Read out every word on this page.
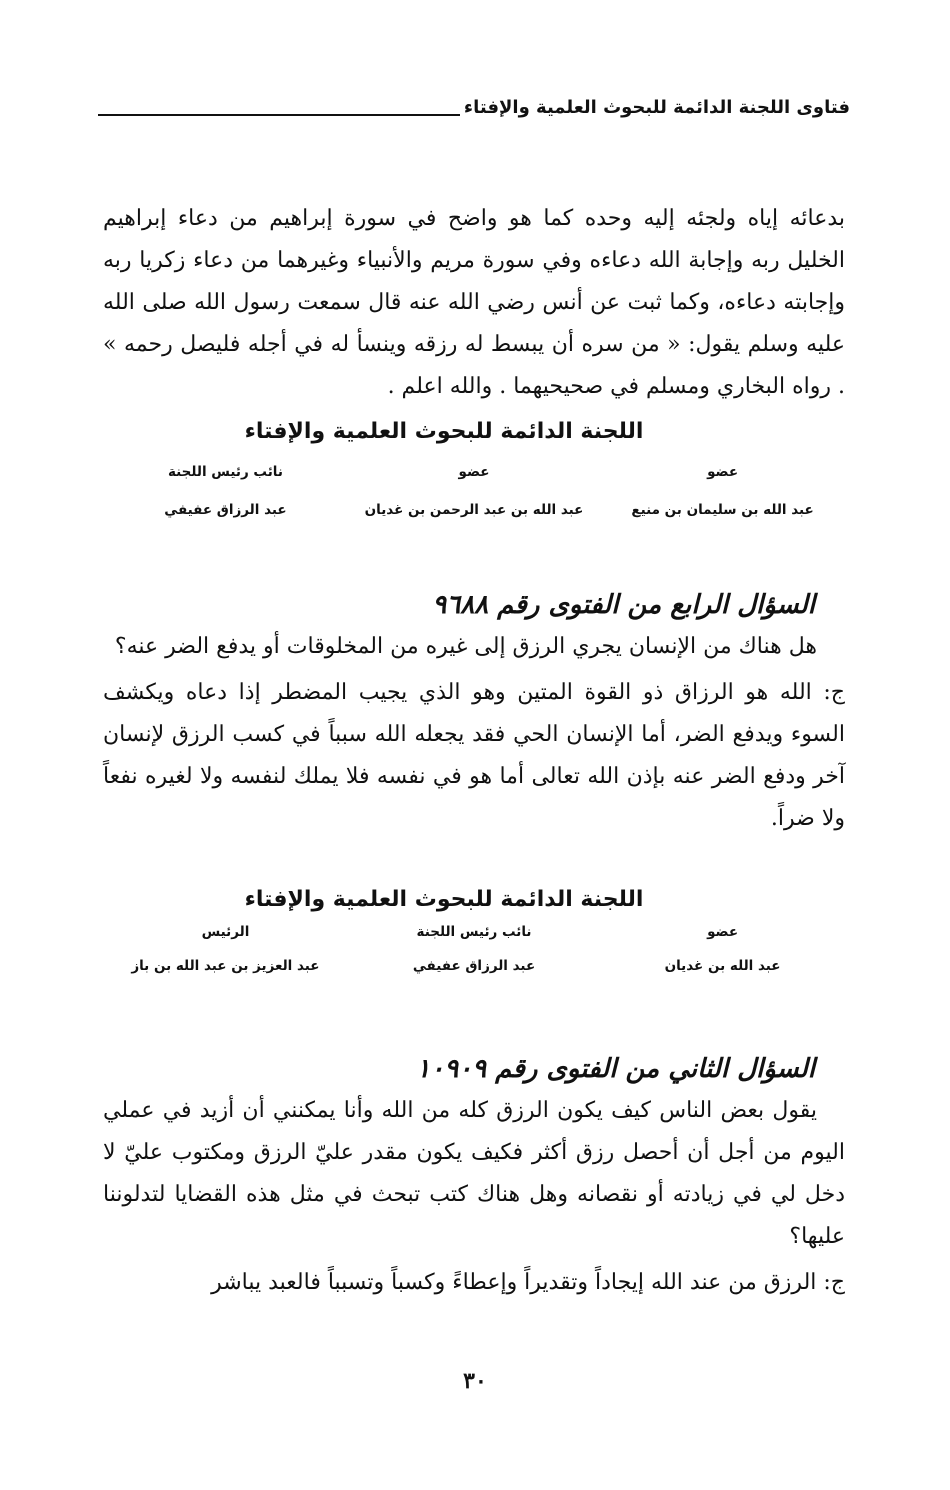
فتاوى اللجنة الدائمة للبحوث العلمية والإفتاء

بدعائه إياه ولجئه إليه وحده كما هو واضح في سورة إبراهيم من دعاء إبراهيم الخليل ربه وإجابة الله دعاءه وفي سورة مريم والأنبياء وغيرهما من دعاء زكريا ربه وإجابته دعاءه، وكما ثبت عن أنس رضي الله عنه قال سمعت رسول الله صلى الله عليه وسلم يقول: « من سره أن يبسط له رزقه وينسأ له في أجله فليصل رحمه » . رواه البخاري ومسلم في صحيحيهما . والله اعلم .

اللجنة الدائمة للبحوث العلمية والإفتاء

عضو
عضو
نائب رئيس اللجنة
عبد الله بن سليمان بن منيع
عبد الله بن عبد الرحمن بن غديان
عبد الرزاق عفيفي

السؤال الرابع من الفتوى رقم ٩٦٨٨

هل هناك من الإنسان يجري الرزق إلى غيره من المخلوقات أو يدفع الضر عنه؟

ج: الله هو الرزاق ذو القوة المتين وهو الذي يجيب المضطر إذا دعاه ويكشف السوء ويدفع الضر، أما الإنسان الحي فقد يجعله الله سبباً في كسب الرزق لإنسان آخر ودفع الضر عنه بإذن الله تعالى أما هو في نفسه فلا يملك لنفسه ولا لغيره نفعاً ولا ضراً.

اللجنة الدائمة للبحوث العلمية والإفتاء

عضو
نائب رئيس اللجنة
الرئيس
عبد الله بن غديان
عبد الرزاق عفيفي
عبد العزيز بن عبد الله بن باز

السؤال الثاني من الفتوى رقم ١٠٩٠٩

يقول بعض الناس كيف يكون الرزق كله من الله وأنا يمكنني أن أزيد في عملي اليوم من أجل أن أحصل رزق أكثر فكيف يكون مقدر عليّ الرزق ومكتوب عليّ لا دخل لي في زيادته أو نقصانه وهل هناك كتب تبحث في مثل هذه القضايا لتدلوننا عليها؟

ج: الرزق من عند الله إيجاداً وتقديراً وإعطاءً وكسباً وتسبباً فالعبد يباشر

٣٠
